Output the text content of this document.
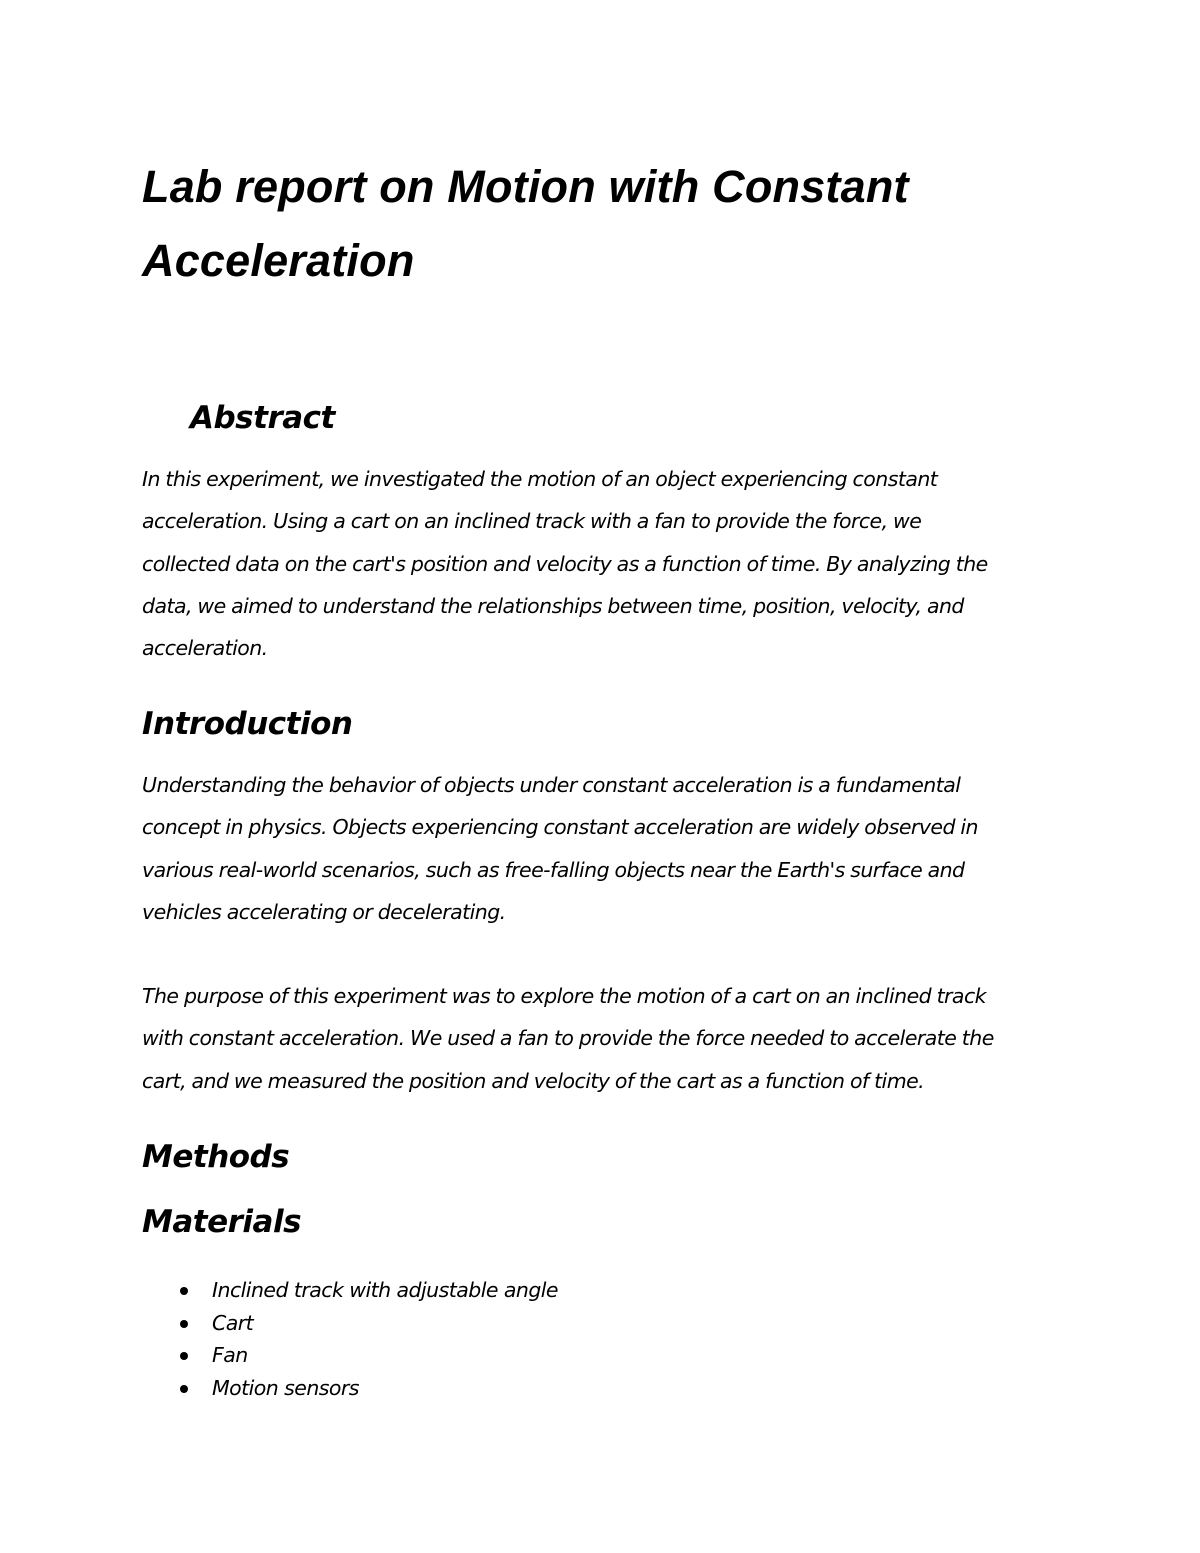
Lab report on Motion with Constant Acceleration
Abstract

In this experiment, we investigated the motion of an object experiencing constant
acceleration. Using a cart on an inclined track with a fan to provide the force, we
collected data on the cart's position and velocity as a function of time. By analyzing the
data, we aimed to understand the relationships between time, position, velocity, and
acceleration.

Introduction

Understanding the behavior of objects under constant acceleration is a fundamental
concept in physics. Objects experiencing constant acceleration are widely observed in
various real-world scenarios, such as free-falling objects near the Earth's surface and
vehicles accelerating or decelerating.

The purpose of this experiment was to explore the motion of a cart on an inclined track
with constant acceleration. We used a fan to provide the force needed to accelerate the
cart, and we measured the position and velocity of the cart as a function of time.

Methods
Materials
Inclined track with adjustable angle
Cart
Fan
Motion sensors
